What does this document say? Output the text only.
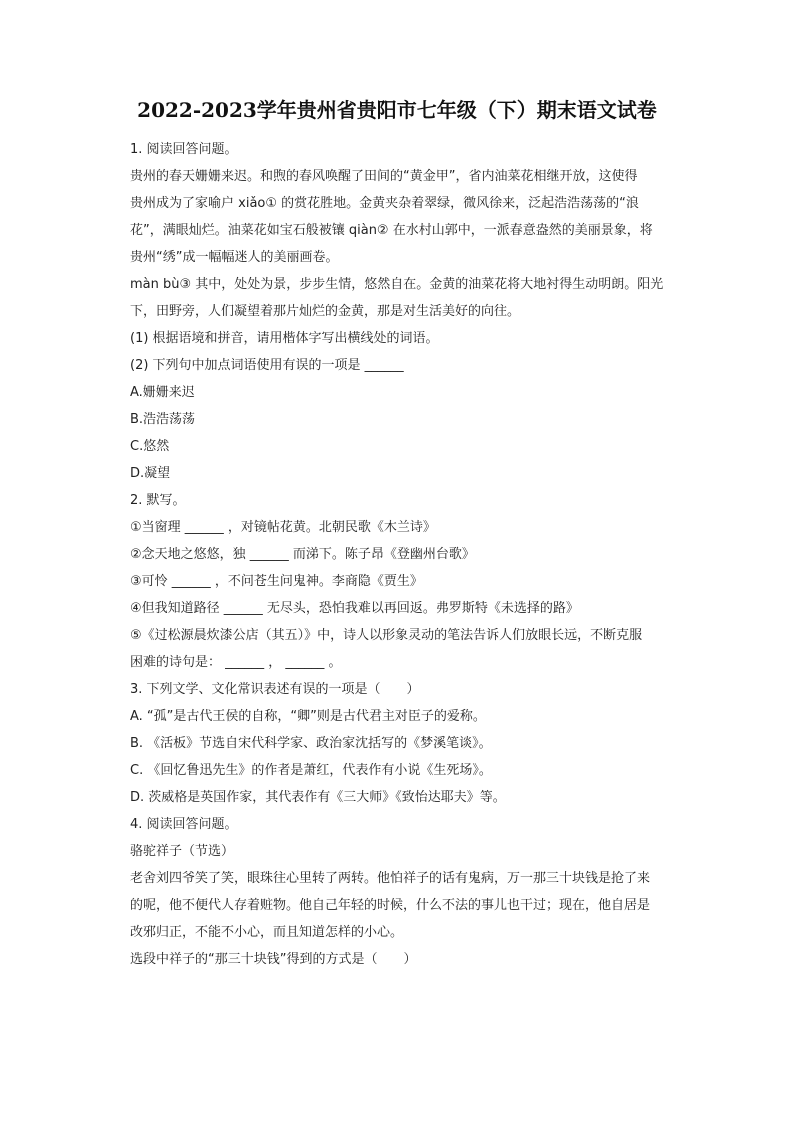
2022-2023学年贵州省贵阳市七年级（下）期末语文试卷
1. 阅读回答问题。
贵州的春天姗姗来迟。和煦的春风唤醒了田间的“黄金甲”，省内油菜花相继开放，这使得
贵州成为了家喻户 xiǎo① 的赏花胜地。金黄夹杂着翠绿，微风徐来，泛起浩浩荡荡的“浪
花”，满眼灿烂。油菜花如宝石般被镶 qiàn② 在水村山郭中，一派春意盎然的美丽景象，将
贵州“绣”成一幅幅迷人的美丽画卷。
màn bù③ 其中，处处为景，步步生情，悠然自在。金黄的油菜花将大地衬得生动明朗。阳光
下，田野旁，人们凝望着那片灿烂的金黄，那是对生活美好的向往。
(1) 根据语境和拼音，请用楷体字写出横线处的词语。
(2) 下列句中加点词语使用有误的一项是 ______
A.姗姗来迟
B.浩浩荡荡
C.悠然
D.凝望
2. 默写。
①当窗理 ______ ，对镜帖花黄。北朝民歌《木兰诗》
②念天地之悠悠，独 ______ 而涕下。陈子昂《登幽州台歌》
③可怜 ______ ，不问苍生问鬼神。李商隐《贾生》
④但我知道路径 ______ 无尽头，恐怕我难以再回返。弗罗斯特《未选择的路》
⑤《过松源晨炊漆公店（其五）》中，诗人以形象灵动的笔法告诉人们放眼长远，不断克服
困难的诗句是： ______ ， ______ 。
3. 下列文学、文化常识表述有误的一项是（　　）
A. “孤”是古代王侯的自称，“卿”则是古代君主对臣子的爱称。
B. 《活板》节选自宋代科学家、政治家沈括写的《梦溪笔谈》。
C. 《回忆鲁迅先生》的作者是萧红，代表作有小说《生死场》。
D. 茨威格是英国作家，其代表作有《三大师》《致怡达耶夫》等。
4. 阅读回答问题。
骆驼祥子（节选）
老舍刘四爷笑了笑，眼珠往心里转了两转。他怕祥子的话有鬼病，万一那三十块钱是抢了来
的呢，他不便代人存着赃物。他自己年轻的时候，什么不法的事儿也干过；现在，他自居是
改邪归正，不能不小心，而且知道怎样的小心。
选段中祥子的“那三十块钱”得到的方式是（　　）
